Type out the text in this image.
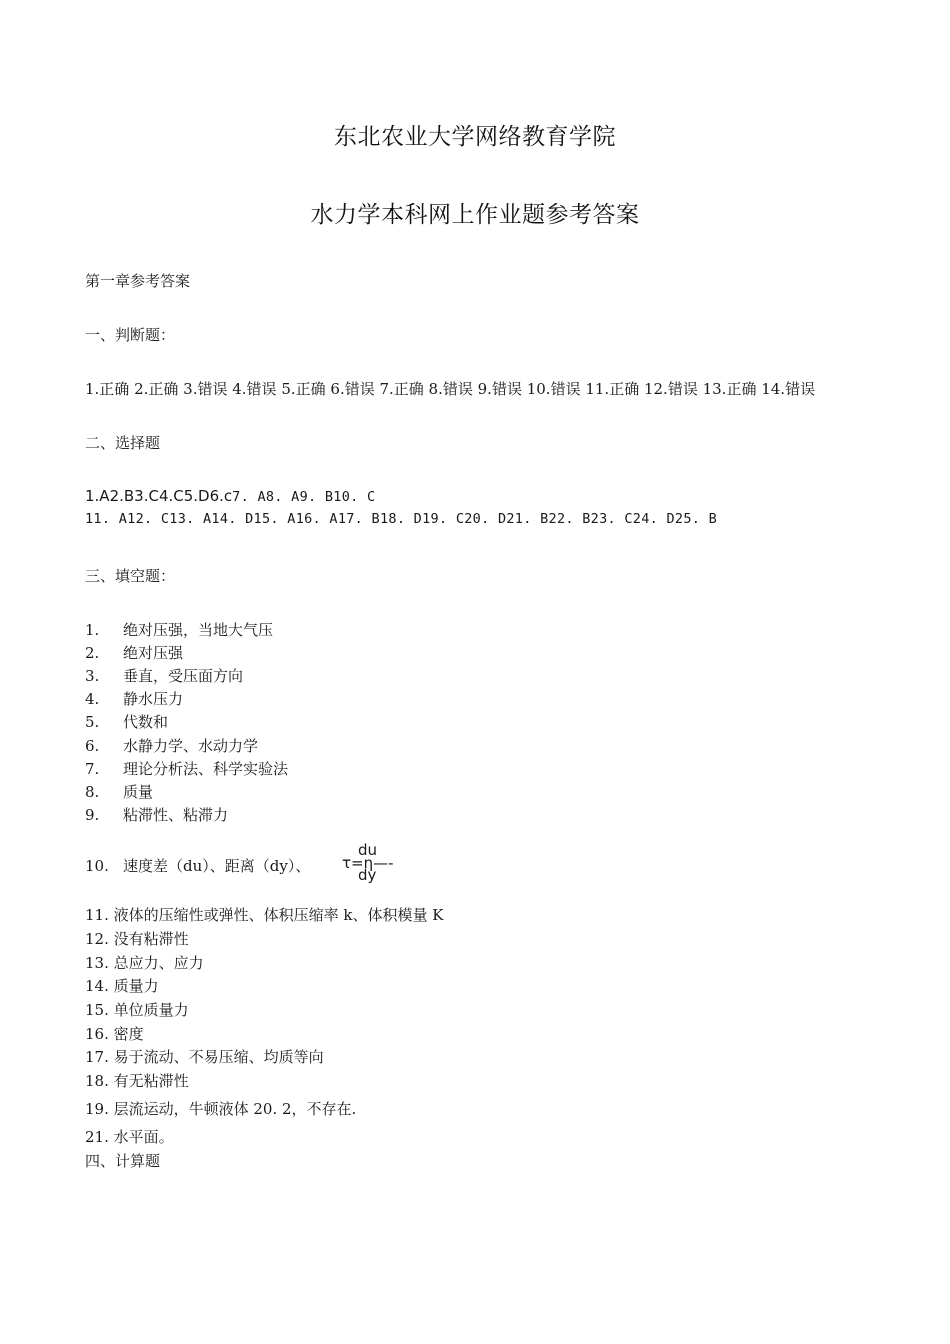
东北农业大学网络教育学院
水力学本科网上作业题参考答案
第一章参考答案
一、判断题：
1.正确 2.正确 3.错误 4.错误 5.正确 6.错误 7.正确 8.错误 9.错误 10.错误 11.正确 12.错误 13.正确 14.错误
二、选择题
1.A2.B3.C4.C5.D6.c7. A8. A9. B10. C
11. A12. C13. A14. D15. A16. A17. B18. D19. C20. D21. B22. B23. C24. D25. B
三、填空题：
1. 绝对压强，当地大气压
2. 绝对压强
3. 垂直，受压面方向
4. 静水压力
5. 代数和
6. 水静力学、水动力学
7. 理论分析法、科学实验法
8. 质量
9. 粘滞性、粘滞力
10. 速度差（du）、距离（dy）、
du
τ=η—-
dy
11. 液体的压缩性或弹性、体积压缩率 k、体积模量 K
12. 没有粘滞性
13. 总应力、应力
14. 质量力
15. 单位质量力
16. 密度
17. 易于流动、不易压缩、均质等向
18. 有无粘滞性
19. 层流运动，牛顿液体 20. 2，不存在.
21. 水平面。
四、计算题
